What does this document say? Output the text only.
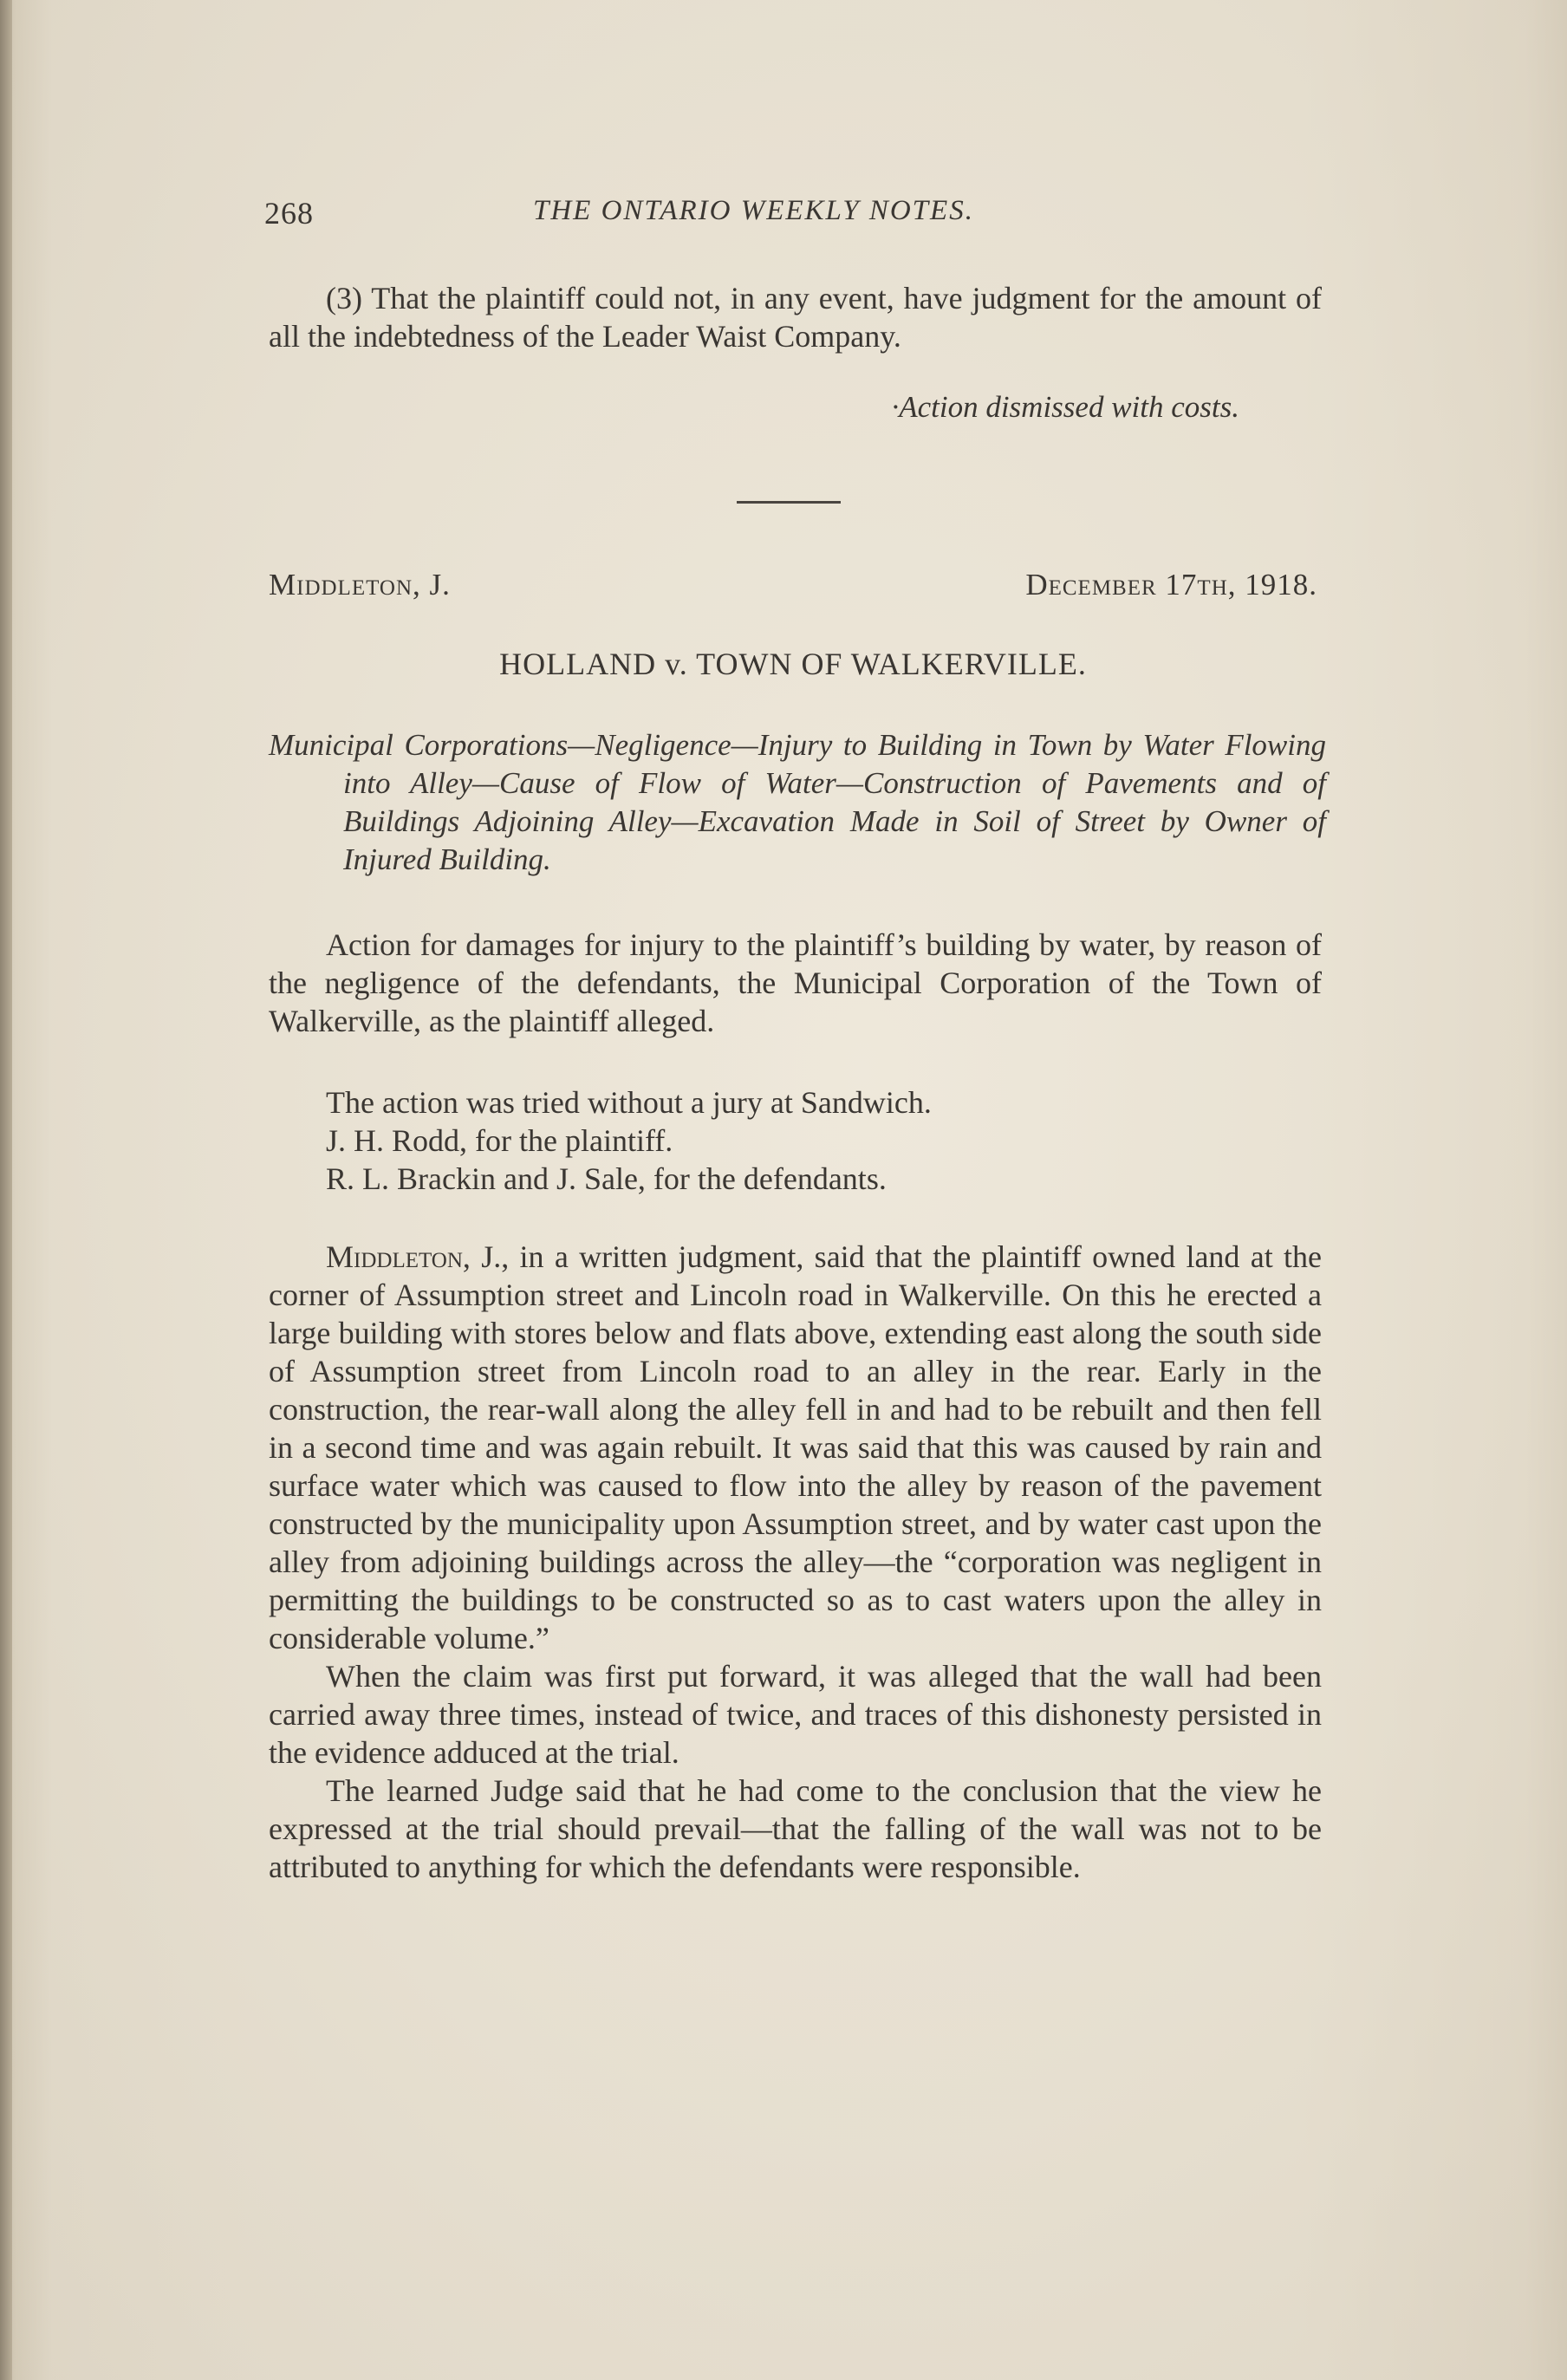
268	THE ONTARIO WEEKLY NOTES.
(3) That the plaintiff could not, in any event, have judgment for the amount of all the indebtedness of the Leader Waist Company.
·Action dismissed with costs.
Middleton, J.	December 17th, 1918.
HOLLAND v. TOWN OF WALKERVILLE.
Municipal Corporations—Negligence—Injury to Building in Town by Water Flowing into Alley—Cause of Flow of Water—Construction of Pavements and of Buildings Adjoining Alley—Excavation Made in Soil of Street by Owner of Injured Building.
Action for damages for injury to the plaintiff’s building by water, by reason of the negligence of the defendants, the Municipal Corporation of the Town of Walkerville, as the plaintiff alleged.
The action was tried without a jury at Sandwich.
J. H. Rodd, for the plaintiff.
R. L. Brackin and J. Sale, for the defendants.

Middleton, J., in a written judgment, said that the plaintiff owned land at the corner of Assumption street and Lincoln road in Walkerville. On this he erected a large building with stores below and flats above, extending east along the south side of Assumption street from Lincoln road to an alley in the rear. Early in the construction, the rear-wall along the alley fell in and had to be rebuilt and then fell in a second time and was again rebuilt. It was said that this was caused by rain and surface water which was caused to flow into the alley by reason of the pavement constructed by the municipality upon Assumption street, and by water cast upon the alley from adjoining buildings across the alley—the “corporation was negligent in permitting the buildings to be constructed so as to cast waters upon the alley in considerable volume.”

When the claim was first put forward, it was alleged that the wall had been carried away three times, instead of twice, and traces of this dishonesty persisted in the evidence adduced at the trial.

The learned Judge said that he had come to the conclusion that the view he expressed at the trial should prevail—that the falling of the wall was not to be attributed to anything for which the defendants were responsible.
